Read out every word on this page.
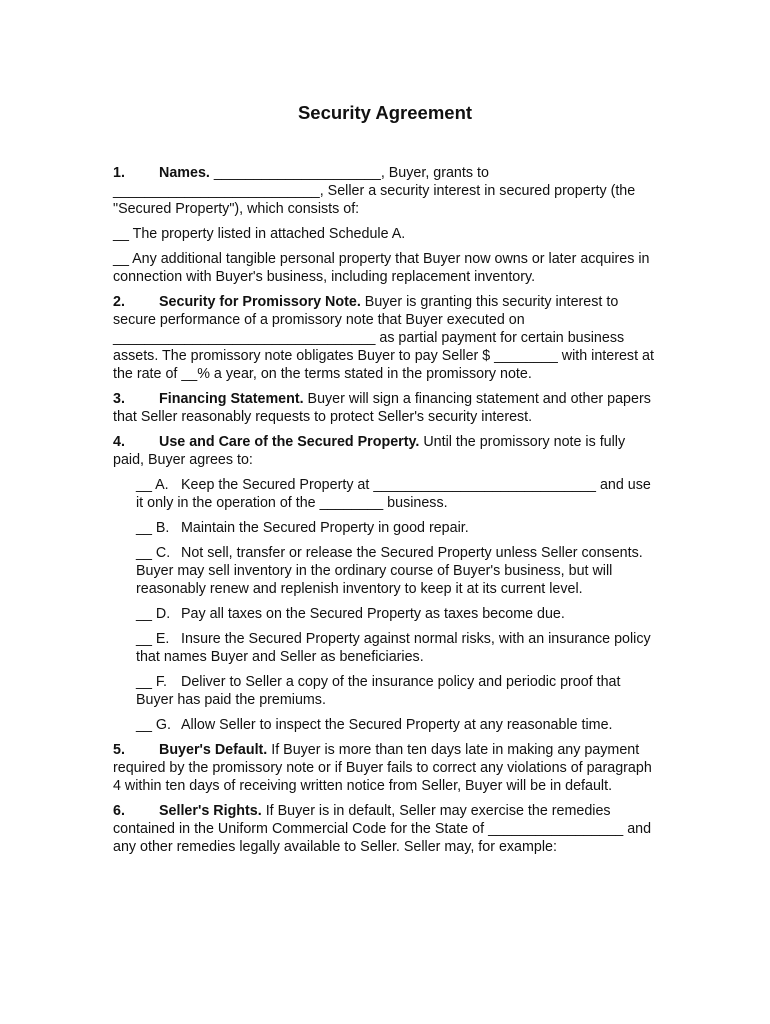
Security Agreement

1. Names. _____________________, Buyer, grants to
__________________________, Seller a security interest in secured property (the "Secured Property"), which consists of:

__ The property listed in attached Schedule A.

__ Any additional tangible personal property that Buyer now owns or later acquires in connection with Buyer's business, including replacement inventory.

2. Security for Promissory Note. Buyer is granting this security interest to secure performance of a promissory note that Buyer executed on _________________________________ as partial payment for certain business assets. The promissory note obligates Buyer to pay Seller $ ________ with interest at the rate of __% a year, on the terms stated in the promissory note.

3. Financing Statement. Buyer will sign a financing statement and other papers that Seller reasonably requests to protect Seller's security interest.

4. Use and Care of the Secured Property. Until the promissory note is fully paid, Buyer agrees to:

__ A. Keep the Secured Property at ____________________________ and use it only in the operation of the ________ business.

__ B. Maintain the Secured Property in good repair.

__ C. Not sell, transfer or release the Secured Property unless Seller consents. Buyer may sell inventory in the ordinary course of Buyer's business, but will reasonably renew and replenish inventory to keep it at its current level.

__ D. Pay all taxes on the Secured Property as taxes become due.

__ E. Insure the Secured Property against normal risks, with an insurance policy that names Buyer and Seller as beneficiaries.

__ F. Deliver to Seller a copy of the insurance policy and periodic proof that Buyer has paid the premiums.

__ G. Allow Seller to inspect the Secured Property at any reasonable time.

5. Buyer's Default. If Buyer is more than ten days late in making any payment required by the promissory note or if Buyer fails to correct any violations of paragraph 4 within ten days of receiving written notice from Seller, Buyer will be in default.

6. Seller's Rights. If Buyer is in default, Seller may exercise the remedies contained in the Uniform Commercial Code for the State of _________________ and any other remedies legally available to Seller. Seller may, for example:
